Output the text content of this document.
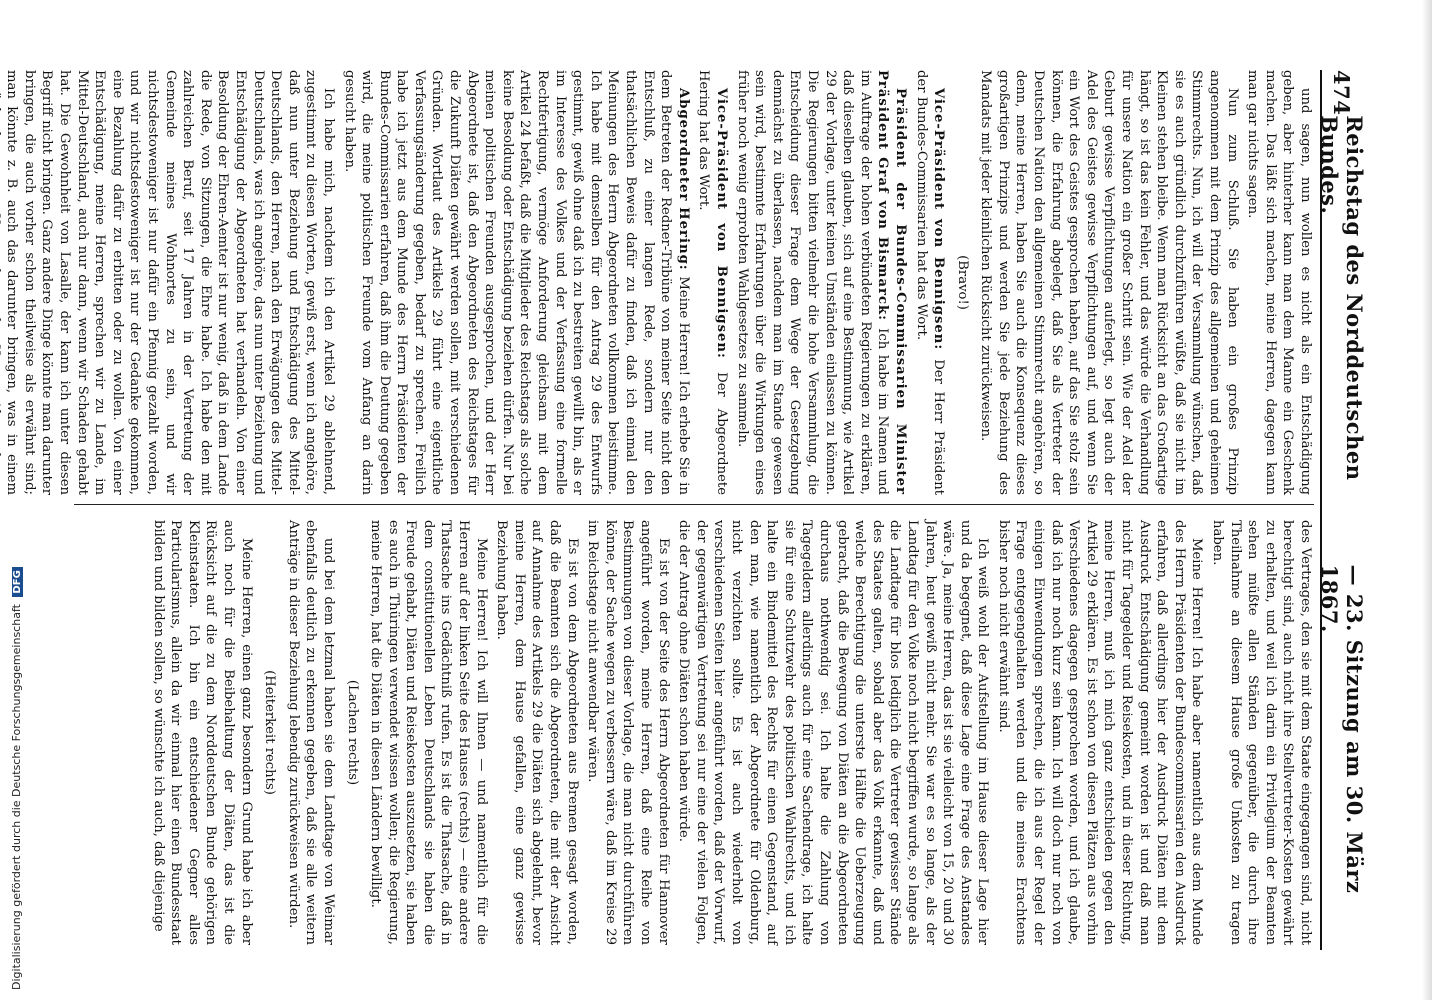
474
Reichstag des Norddeutschen Bundes.
— 23. Sitzung am 30. März 1867.

und sagen, nun wollen es nicht als ein Entschädigung geben, aber hinterher kann man dem Manne ein Geschenk machen. Das läßt sich machen, meine Herren, dagegen kann man gar nichts sagen.

Nun zum Schluß. Sie haben ein großes Prinzip angenommen mit dem Prinzip des allgemeinen und geheimen Stimmrechts. Nun, ich will der Versammlung wünschen, daß sie es auch gründlich durchzuführen wüßte, daß sie nicht im Kleinen stehen bleibe. Wenn man Rücksicht an das Großartige hängt, so ist das kein Fehler, und das würde die Verhandlung für unsere Nation ein großer Schritt sein. Wie der Adel der Geburt gewisse Verpflichtungen auferlegt, so legt auch der Adel des Geistes gewisse Verpflichtungen auf, und wenn Sie ein Wort des Geistes gesprochen haben, auf das Sie stolz sein können, die Erfahrung abgelegt, daß Sie als Vertreter der Deutschen Nation den allgemeinen Stimmrecht angehören, so denn, meine Herren, haben Sie auch die Konsequenz dieses großartigen Prinzips und werden Sie jede Beziehung des Mandats mit jeder kleinlichen Rücksicht zurückweisen.

(Bravo!)

Vice-Präsident von Bennigsen: Der Herr Präsident der Bundes-Commissarien hat das Wort.

Präsident der Bundes-Commissarien Minister Präsident Graf von Bismarck: Ich habe im Namen und im Auftrage der hohen verbündeten Regierungen zu erklären, daß dieselben glauben, sich auf eine Bestimmung, wie Artikel 29 der Vorlage, unter keinen Umständen einlassen zu können. Die Regierungen bitten vielmehr die hohe Versammlung, die Entscheidung dieser Frage dem Wege der Gesetzgebung demnächst zu überlassen, nachdem man im Stande gewesen sein wird, bestimmte Erfahrungen über die Wirkungen eines früher noch wenig erprobten Wahlgesetzes zu sammeln.

Vice-Präsident von Bennigsen: Der Abgeordnete Hering hat das Wort.

Abgeordneter Hering: Meine Herren! Ich erhebe Sie in dem Betreten der Redner-Tribüne von meiner Seite nicht den Entschluß, zu einer langen Rede, sondern nur den thatsächlichen Beweis dafür zu finden, daß ich einmal den Meinungen des Herrn Abgeordneten vollkommen beistimme. Ich habe mit demselben für den Antrag 29 des Entwurfs gestimmt, gewiß ohne daß ich zu bestreiten gewillt bin, als er im Interesse des Volkes und der Verfassung eine formelle Rechtfertigung, vermöge Anforderung gleichsam mit dem Artikel 24 befaßt, daß die Mitglieder des Reichstags als solche keine Besoldung oder Entschädigung beziehen dürfen. Nur bei meinen politischen Freunden ausgesprochen, und der Herr Abgeordnete ist, daß den Abgeordneten des Reichstages für die Zukunft Diäten gewährt werden sollen, mit verschiedenen Gründen. Wortlaut des Artikels 29 führt eine eigentliche Verfassungsänderung gegeben, bedarf zu sprechen. Freilich habe ich jetzt aus dem Munde des Herrn Präsidenten der Bundes-Commissarien erfahren, daß ihm die Deutung gegeben wird, die meine politischen Freunde vom Anfang an darin gesucht haben.

Ich habe mich, nachdem ich den Artikel 29 ablehnend, zugestimmt zu diesen Worten, gewiß erst, wenn ich angehöre, daß nun unter Beziehung und Entschädigung des Mittel-Deutschlands, den Herren, nach den Erwägungen des Mittel-Deutschlands, was ich angehöre, das nun unter Beziehung und Entschädigung der Abgeordneten hat verhandeln. Von einer Besoldung der Ehren-Aemter ist nur wenig, daß in dem Lande die Rede, von Sitzungen, die Ehre habe. Ich habe den mit zahlreichen Beruf, seit 17 Jahren in der Vertretung der Gemeinde meines Wohnortes zu sein, und wir nichtsdestoweniger ist nur dafür ein Pfennig gezahlt worden, und wir nichtsdestoweniger ist nur der Gedanke gekommen, eine Bezahlung dafür zu erbitten oder zu wollen. Von einer Entschädigung, meine Herren, sprechen wir zu Lande, im Mittel-Deutschland, auch nur dann, wenn wir Schaden gehabt hat. Die Gewohnheit von Lasalle, der kann ich unter diesen Begriff nicht bringen. Ganz andere Dinge könnte man darunter bringen, die auch vorher schon theilweise als erwähnt sind; man könnte z. B. auch das darunter bringen, was in einem

des Vertrages, den sie mit dem Staate eingegangen sind, nicht berechtigt sind, auch nicht ihre Stellvertreter-Kosten gewährt zu erhalten, und weil ich darin ein Privilegium der Beamten sehen müßte allen Ständen gegenüber, die durch ihre Theilnahme an diesem Hause große Unkosten zu tragen haben.

Meine Herren! Ich habe aber namentlich aus dem Munde des Herrn Präsidenten der Bundescommissarien den Ausdruck erfahren, daß allerdings hier der Ausdruck Diäten mit dem Ausdruck Entschädigung gemeint worden ist und daß man nicht für Tagegelder und Reisekosten, und in dieser Richtung, meine Herren, muß ich mich ganz entschieden gegen den Artikel 29 erklären. Es ist schon von diesen Plätzen aus vorhin Verschiedenes dagegen gesprochen worden, und ich glaube, daß ich nur noch kurz sein kann. Ich will doch nur noch von einigen Einwendungen sprechen, die ich aus der Regel der Frage entgegengehalten werden und die meines Erachtens bisher noch nicht erwähnt sind.

Ich weiß wohl der Aufstellung im Hause dieser Lage hier und da begegnet, daß diese Lage eine Frage des Anstandes wäre. Ja, meine Herren, das ist sie vielleicht von 15, 20 und 30 Jahren, heut gewiß nicht mehr. Sie war es so lange, als der Landtag für den Volke noch nicht begriffen wurde, so lange als die Landtage für blos lediglich die Vertreter gewisser Stände des Staates galten, sobald aber das Volk erkannte, daß und welche Berechtigung die unterste Hälfte die Ueberzeugung gebracht, daß die Bewegung von Diäten an die Abgeordneten durchaus nothwendig sei. Ich halte die Zahlung von Tagegeldern allerdings auch für eine Sachendrage, ich halte sie für eine Schutzwehr des politischen Wahlrechts, und ich halte ein Bindemittel des Rechts für einen Gegenstand, auf den man, wie namentlich der Abgeordnete für Oldenburg, nicht verzichten sollte. Es ist auch wiederholt von verschiedenen Seiten hier angeführt worden, daß der Vorwurf, der gegenwärtigen Vertretung sei nur eine der vielen Folgen, die der Antrag ohne Diäten schon haben würde.

Es ist von der Seite des Herrn Abgeordneten für Hannover angeführt worden, meine Herren, daß eine Reihe von Bestimmungen von dieser Vorlage, die man nicht durchführen könne, der Sache wegen zu verbessern wäre, daß im Kreise 29 im Reichstage nicht anwendbar wären.

Es ist von dem Abgeordneten aus Bremen gesagt worden, daß die Beamten sich die Abgeordneten, die mit der Ansicht auf Annahme des Artikels 29 die Diäten sich abgelehnt, bevor meine Herren, dem Hause gefallen, eine ganz gewisse Beziehung haben.

Meine Herren! Ich will Ihnen — und namentlich für die Herren auf der linken Seite des Hauses (rechts) — eine andere Thatsache ins Gedächtniß rufen. Es ist die Thatsache, daß in dem constitutionellen Leben Deutschlands sie haben die Freude gehabt, Diäten und Reisekosten auszusetzen, sie haben es auch in Thüringen verwendet wissen wollen; die Regierung, meine Herren, hat die Diäten in diesen Ländern bewilligt.

(Lachen rechts)

und bei dem letzmal haben sie dem Landtage von Weimar ebenfalls deutlich zu erkennen gegeben, daß sie alle weitern Anträge in dieser Beziehung lebendig zurückweisen würden.

(Heiterkeit rechts)

Meine Herren, einen ganz besondern Grund habe ich aber auch noch für die Beibehaltung der Diäten, das ist die Rücksicht auf die zu dem Norddeutschen Bunde gehörigen Kleinstaaten. Ich bin ein entschiedener Gegner alles Particularismus, allein da wir einmal hier einen Bundesstaat bilden und bilden sollen, so wünschte ich auch, daß diejenige

Digitalisierung gefördert durch die Deutsche Forschungsgemeinschaft DFG
